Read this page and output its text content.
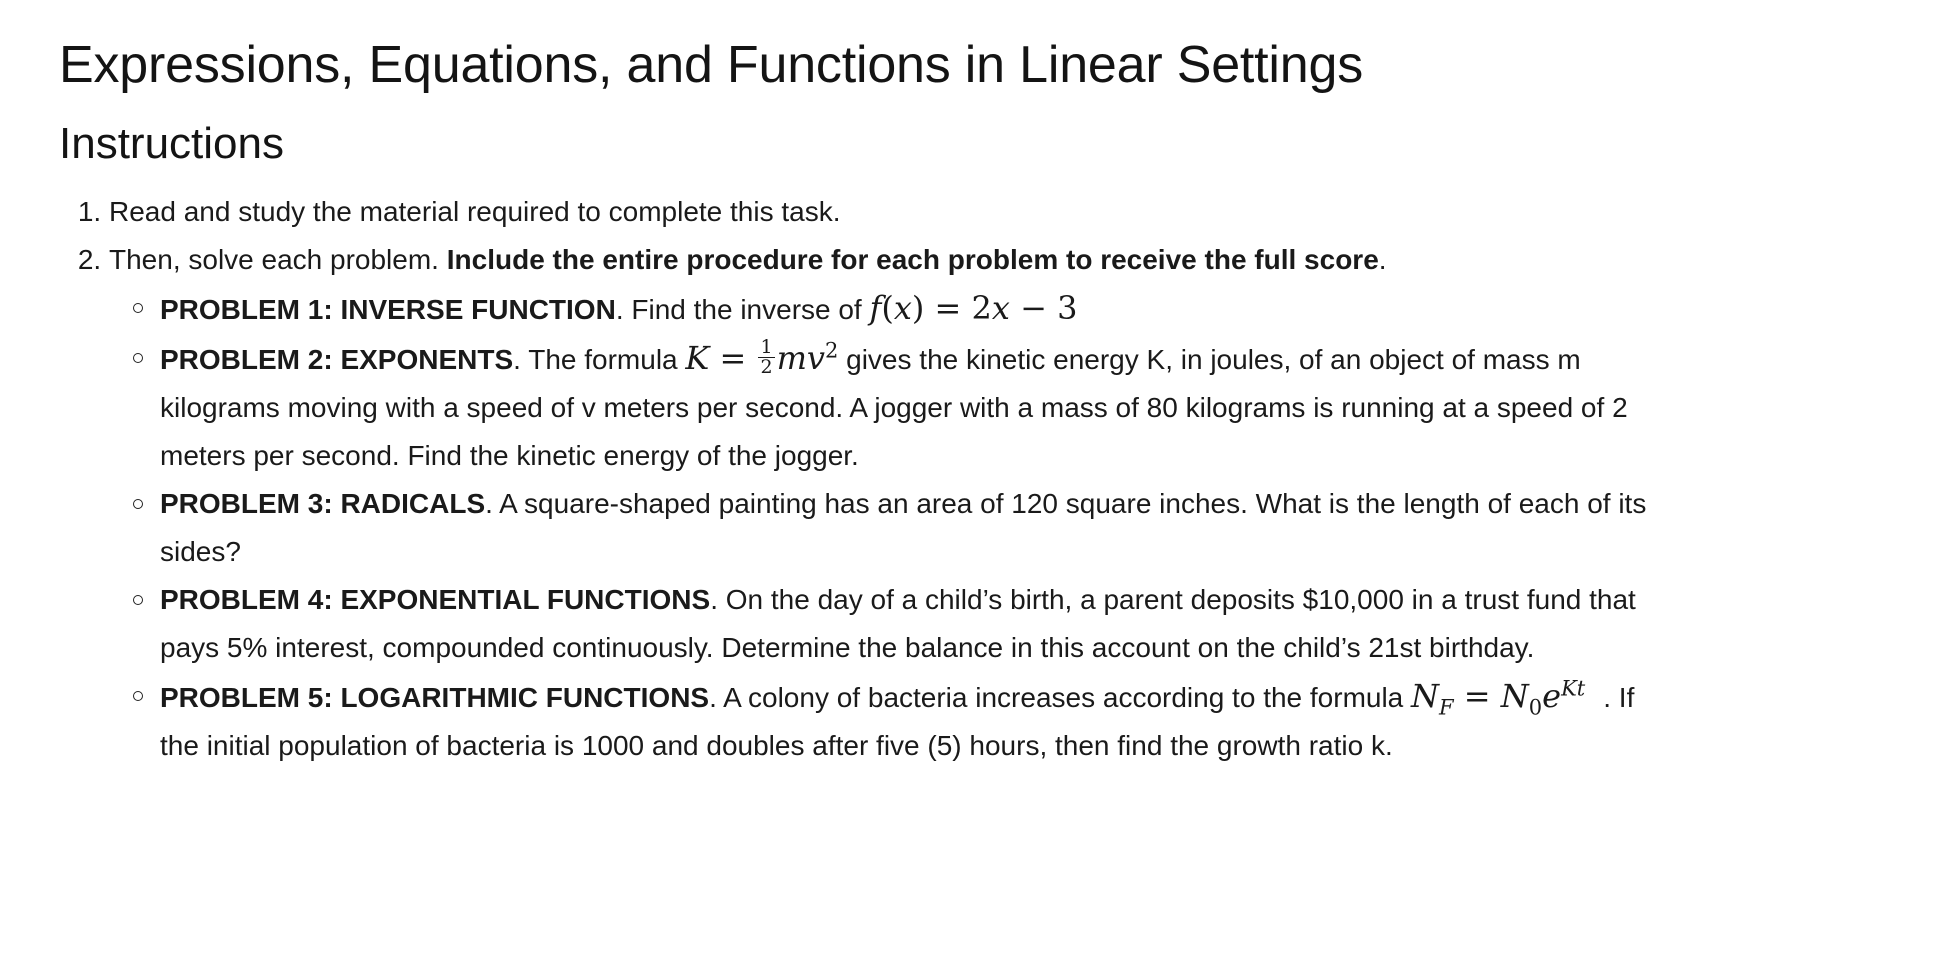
Expressions, Equations, and Functions in Linear Settings
Instructions
1. Read and study the material required to complete this task.
2. Then, solve each problem. Include the entire procedure for each problem to receive the full score.
PROBLEM 1: INVERSE FUNCTION. Find the inverse of f(x) = 2x − 3
PROBLEM 2: EXPONENTS. The formula $K = \frac{1}{2} mv^2$ gives the kinetic energy K, in joules, of an object of mass m kilograms moving with a speed of v meters per second. A jogger with a mass of 80 kilograms is running at a speed of 2 meters per second. Find the kinetic energy of the jogger.
PROBLEM 3: RADICALS. A square-shaped painting has an area of 120 square inches. What is the length of each of its sides?
PROBLEM 4: EXPONENTIAL FUNCTIONS. On the day of a child’s birth, a parent deposits $10,000 in a trust fund that pays 5% interest, compounded continuously. Determine the balance in this account on the child’s 21st birthday.
PROBLEM 5: LOGARITHMIC FUNCTIONS. A colony of bacteria increases according to the formula $N_F = N_0e^{Kt}$ . If the initial population of bacteria is 1000 and doubles after five (5) hours, then find the growth ratio k.
